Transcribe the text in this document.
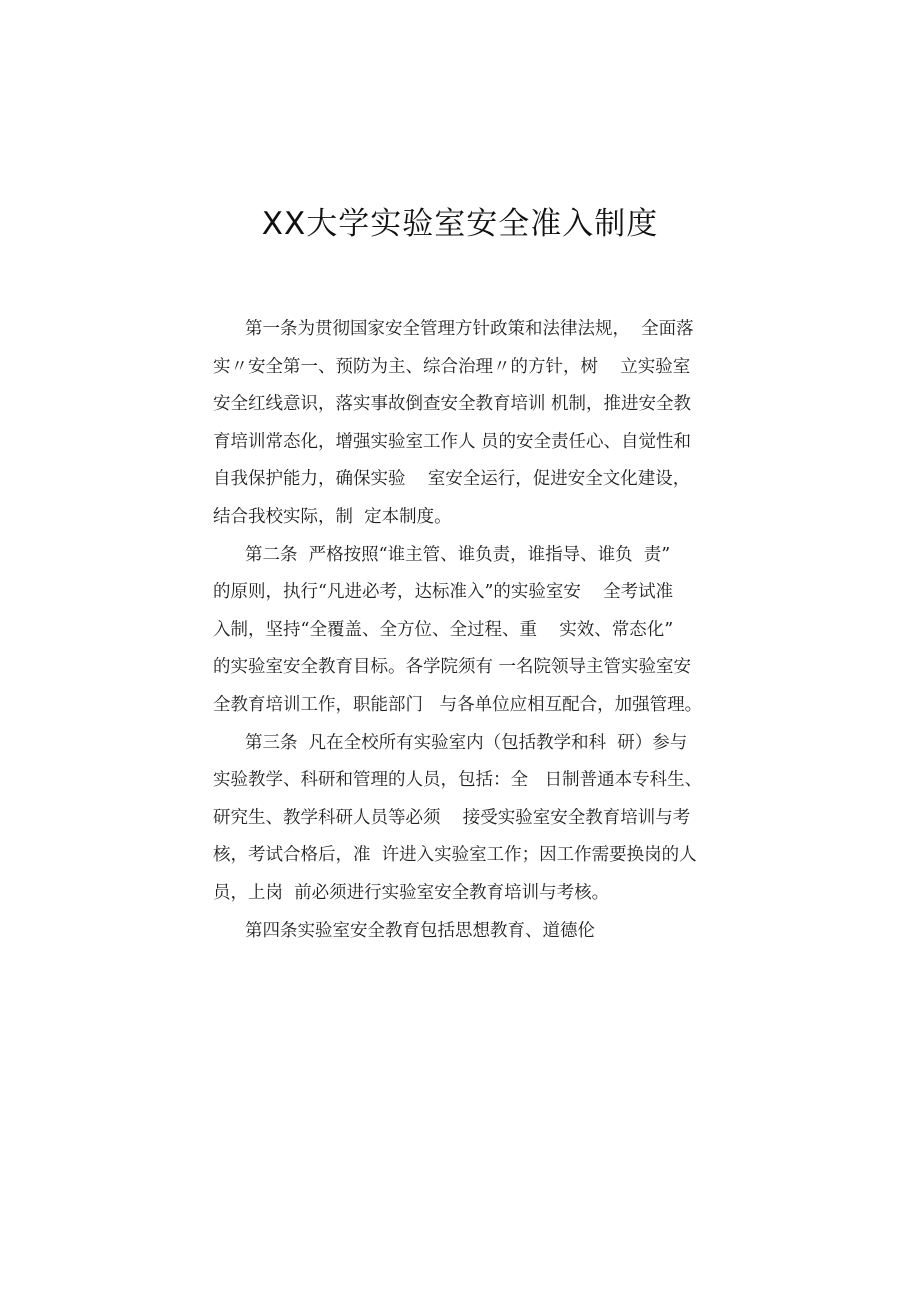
XX大学实验室安全准入制度
第一条为贯彻国家安全管理方针政策和法律法规，  全面落
实〃安全第一、预防为主、综合治理〃的方针，树    立实验室
安全红线意识，落实事故倒查安全教育培训 机制，推进安全教
育培训常态化，增强实验室工作人 员的安全责任心、自觉性和
自我保护能力，确保实验    室安全运行，促进安全文化建设，
结合我校实际，制  定本制度。
第二条  严格按照“谁主管、谁负责，谁指导、谁负  责”
的原则，执行“凡进必考，达标准入”的实验室安    全考试准
入制，坚持“全覆盖、全方位、全过程、重    实效、常态化”
的实验室安全教育目标。各学院须有 一名院领导主管实验室安
全教育培训工作，职能部门   与各单位应相互配合，加强管理。
第三条  凡在全校所有实验室内（包括教学和科  研）参与
实验教学、科研和管理的人员，包括：全   日制普通本专科生、
研究生、教学科研人员等必须    接受实验室安全教育培训与考
核，考试合格后，准  许进入实验室工作；因工作需要换岗的人
员，上岗  前必须进行实验室安全教育培训与考核。
第四条实验室安全教育包括思想教育、道德伦
